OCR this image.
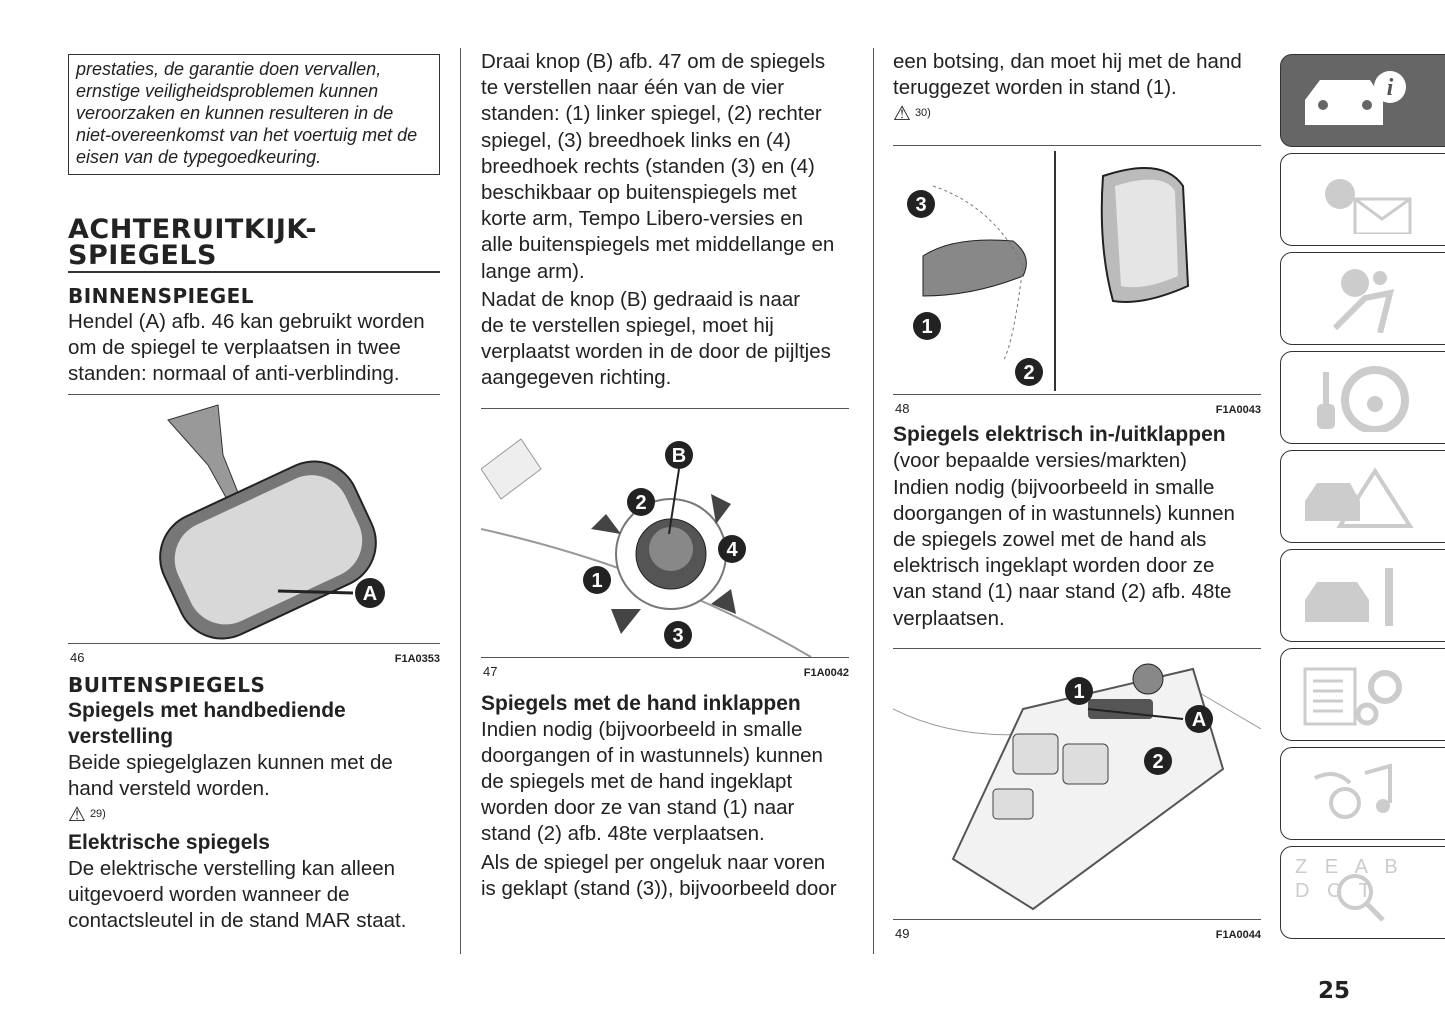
prestaties, de garantie doen vervallen,
ernstige veiligheidsproblemen kunnen
veroorzaken en kunnen resulteren in de
niet-overeenkomst van het voertuig met de
eisen van de typegoedkeuring.
ACHTERUITKIJK-
SPIEGELS
BINNENSPIEGEL
Hendel (A) afb. 46 kan gebruikt worden
om de spiegel te verplaatsen in twee
standen: normaal of anti-verblinding.
A
46	F1A0353
BUITENSPIEGELS
Spiegels met handbediende
verstelling
Beide spiegelglazen kunnen met de
hand versteld worden.
⚠ 29)
Elektrische spiegels
De elektrische verstelling kan alleen
uitgevoerd worden wanneer de
contactsleutel in de stand MAR staat.
Draai knop (B) afb. 47 om de spiegels
te verstellen naar één van de vier
standen: (1) linker spiegel, (2) rechter
spiegel, (3) breedhoek links en (4)
breedhoek rechts (standen (3) en (4)
beschikbaar op buitenspiegels met
korte arm, Tempo Libero-versies en
alle buitenspiegels met middellange en
lange arm).
Nadat de knop (B) gedraaid is naar
de te verstellen spiegel, moet hij
verplaatst worden in de door de pijltjes
aangegeven richting.
B
2
1
3
4
47	F1A0042
Spiegels met de hand inklappen
Indien nodig (bijvoorbeeld in smalle
doorgangen of in wastunnels) kunnen
de spiegels met de hand ingeklapt
worden door ze van stand (1) naar
stand (2) afb. 48te verplaatsen.
Als de spiegel per ongeluk naar voren
is geklapt (stand (3)), bijvoorbeeld door
een botsing, dan moet hij met de hand
teruggezet worden in stand (1).
⚠ 30)
3
1
2
48	F1A0043
Spiegels elektrisch in-/uitklappen
(voor bepaalde versies/markten)
Indien nodig (bijvoorbeeld in smalle
doorgangen of in wastunnels) kunnen
de spiegels zowel met de hand als
elektrisch ingeklapt worden door ze
van stand (1) naar stand (2) afb. 48te
verplaatsen.
1
A
2
49	F1A0044
i
Z E A B D C T
25
